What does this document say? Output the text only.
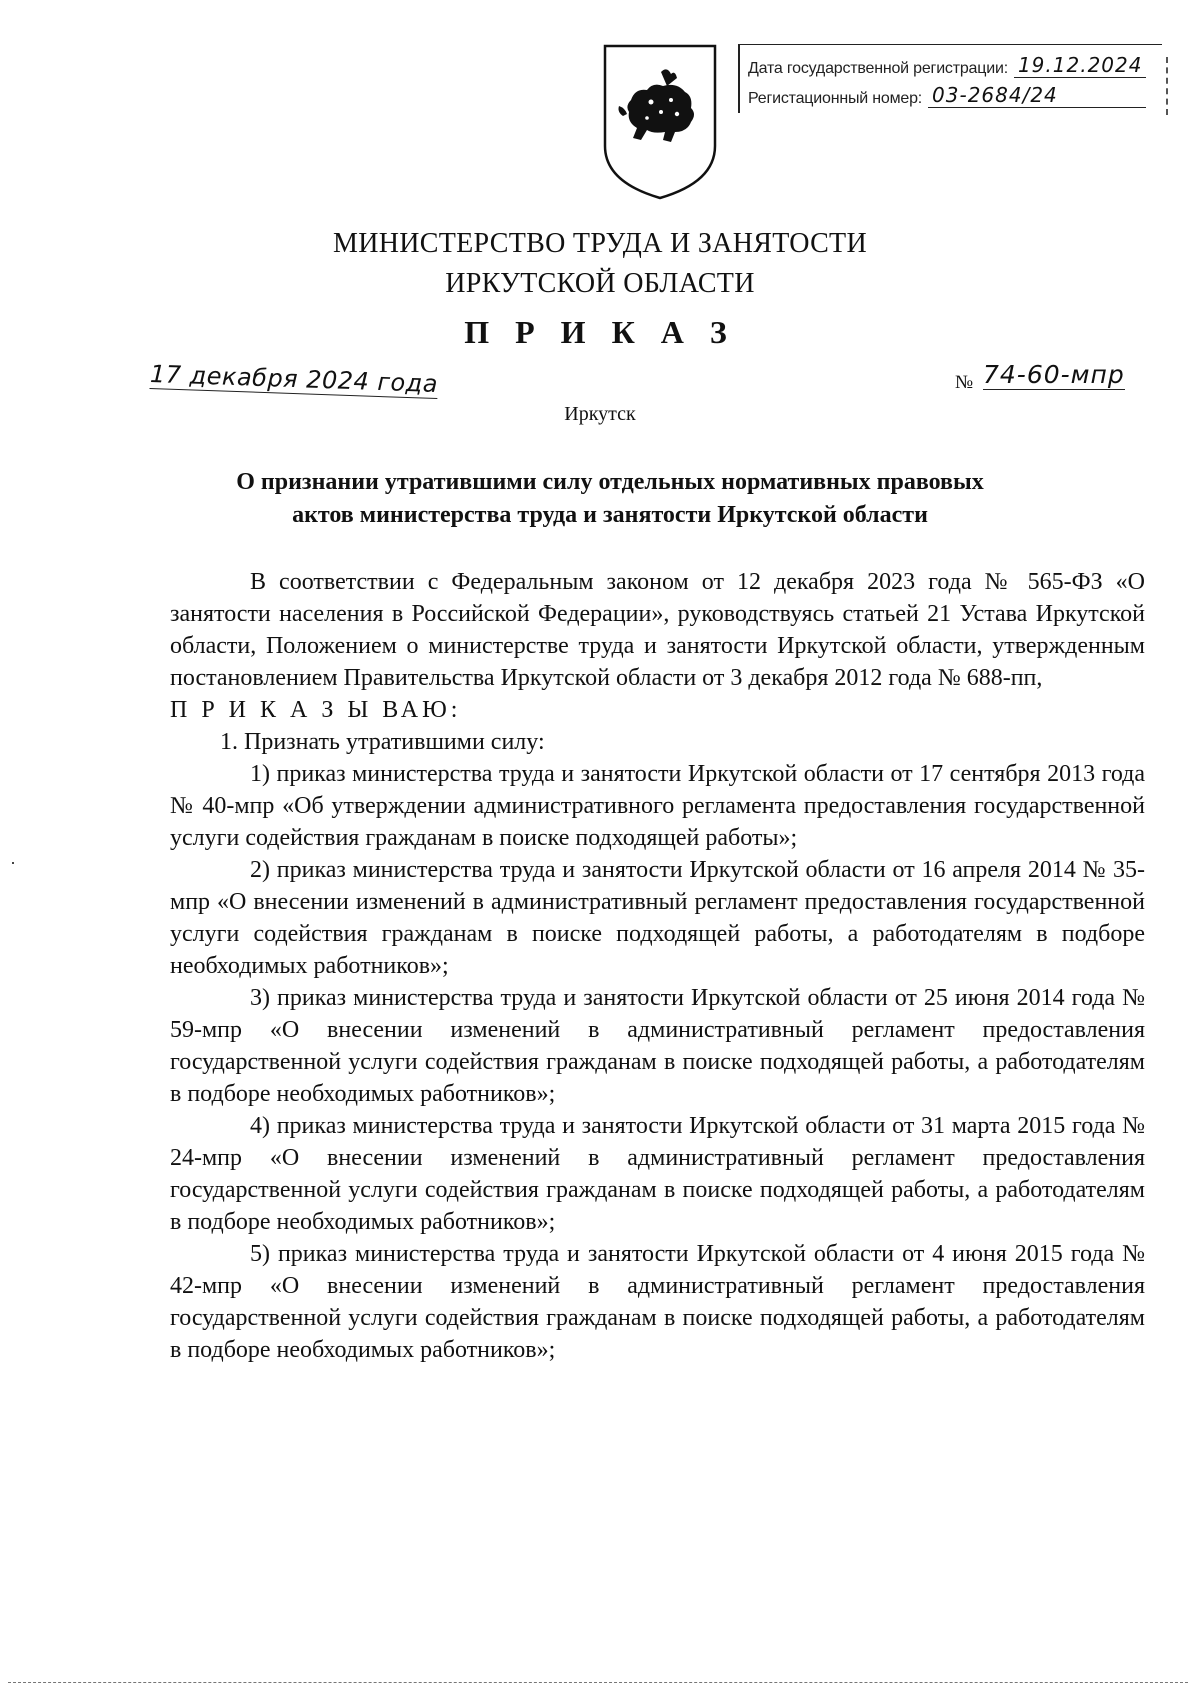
Дата государственной регистрации: 19.12.2024
Регистационный номер: 03-2684/24
МИНИСТЕРСТВО ТРУДА И ЗАНЯТОСТИ
ИРКУТСКОЙ ОБЛАСТИ
П Р И К А З
17 декабря 2024 года	№ 74-60-мпр
Иркутск
О признании утратившими силу отдельных нормативных правовых
актов министерства труда и занятости Иркутской области

В соответствии с Федеральным законом от 12 декабря 2023 года № 565-ФЗ «О занятости населения в Российской Федерации», руководствуясь статьей 21 Устава Иркутской области, Положением о министерстве труда и занятости Иркутской области, утвержденным постановлением Правительства Иркутской области от 3 декабря 2012 года № 688-пп,

П Р И К А З Ы ВАЮ:

1. Признать утратившими силу:

1) приказ министерства труда и занятости Иркутской области от 17 сентября 2013 года № 40-мпр «Об утверждении административного регламента предоставления государственной услуги содействия гражданам в поиске подходящей работы»;

2) приказ министерства труда и занятости Иркутской области от 16 апреля 2014 № 35-мпр «О внесении изменений в административный регламент предоставления государственной услуги содействия гражданам в поиске подходящей работы, а работодателям в подборе необходимых работников»;

3) приказ министерства труда и занятости Иркутской области от 25 июня 2014 года № 59-мпр «О внесении изменений в административный регламент предоставления государственной услуги содействия гражданам в поиске подходящей работы, а работодателям в подборе необходимых работников»;

4) приказ министерства труда и занятости Иркутской области от 31 марта 2015 года № 24-мпр «О внесении изменений в административный регламент предоставления государственной услуги содействия гражданам в поиске подходящей работы, а работодателям в подборе необходимых работников»;

5) приказ министерства труда и занятости Иркутской области от 4 июня 2015 года № 42-мпр «О внесении изменений в административный регламент предоставления государственной услуги содействия гражданам в поиске подходящей работы, а работодателям в подборе необходимых работников»;
